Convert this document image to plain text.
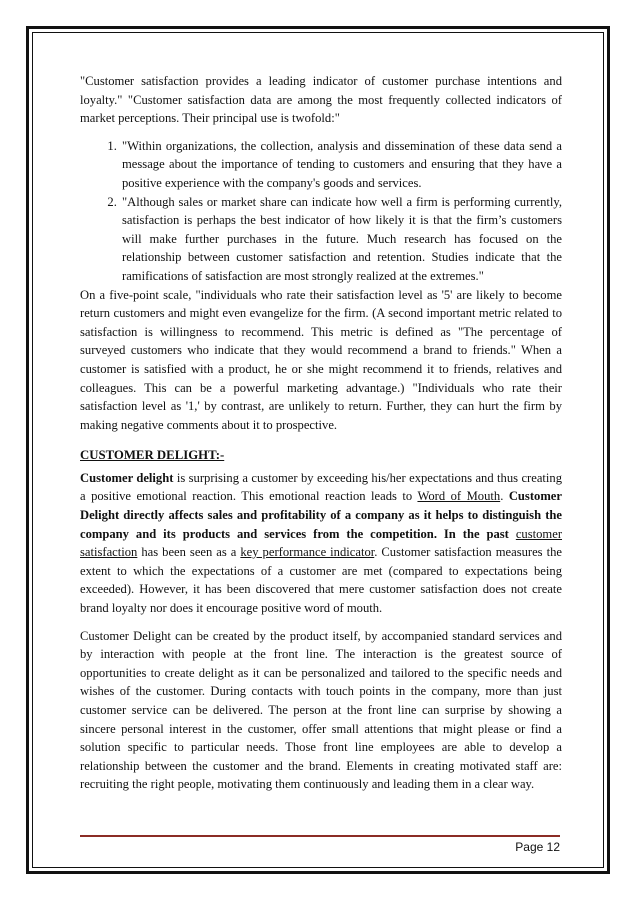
"Customer satisfaction provides a leading indicator of customer purchase intentions and loyalty." "Customer satisfaction data are among the most frequently collected indicators of market perceptions. Their principal use is twofold:"

1. "Within organizations, the collection, analysis and dissemination of these data send a message about the importance of tending to customers and ensuring that they have a positive experience with the company's goods and services.
2. "Although sales or market share can indicate how well a firm is performing currently, satisfaction is perhaps the best indicator of how likely it is that the firm’s customers will make further purchases in the future. Much research has focused on the relationship between customer satisfaction and retention. Studies indicate that the ramifications of satisfaction are most strongly realized at the extremes."

On a five-point scale, "individuals who rate their satisfaction level as '5' are likely to become return customers and might even evangelize for the firm. (A second important metric related to satisfaction is willingness to recommend. This metric is defined as "The percentage of surveyed customers who indicate that they would recommend a brand to friends." When a customer is satisfied with a product, he or she might recommend it to friends, relatives and colleagues. This can be a powerful marketing advantage.) "Individuals who rate their satisfaction level as '1,' by contrast, are unlikely to return. Further, they can hurt the firm by making negative comments about it to prospective.

CUSTOMER DELIGHT:-

Customer delight is surprising a customer by exceeding his/her expectations and thus creating a positive emotional reaction. This emotional reaction leads to Word of Mouth. Customer Delight directly affects sales and profitability of a company as it helps to distinguish the company and its products and services from the competition. In the past customer satisfaction has been seen as a key performance indicator. Customer satisfaction measures the extent to which the expectations of a customer are met (compared to expectations being exceeded). However, it has been discovered that mere customer satisfaction does not create brand loyalty nor does it encourage positive word of mouth.

Customer Delight can be created by the product itself, by accompanied standard services and by interaction with people at the front line. The interaction is the greatest source of opportunities to create delight as it can be personalized and tailored to the specific needs and wishes of the customer. During contacts with touch points in the company, more than just customer service can be delivered. The person at the front line can surprise by showing a sincere personal interest in the customer, offer small attentions that might please or find a solution specific to particular needs. Those front line employees are able to develop a relationship between the customer and the brand. Elements in creating motivated staff are: recruiting the right people, motivating them continuously and leading them in a clear way.

Page 12
